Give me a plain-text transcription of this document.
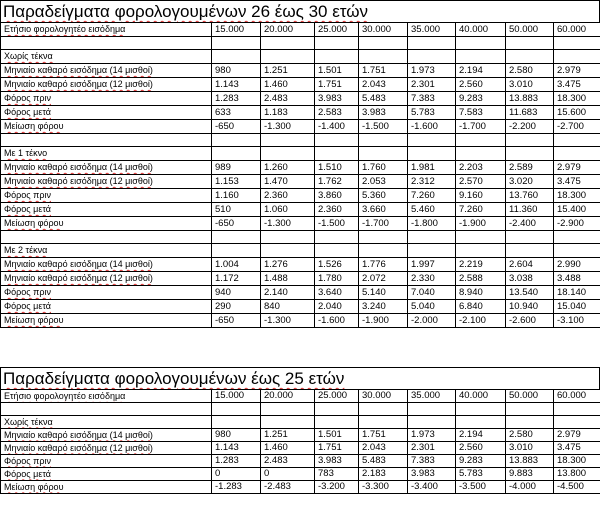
Παραδείγματα φορολογουμένων 26 έως 30 ετών
Ετήσιο φορολογητέο εισόδημα	15.000	20.000	25.000	30.000	35.000	40.000	50.000	60.000

Χωρίς τέκνα								
Μηνιαίο καθαρό εισόδημα (14 μισθοί)	980	1.251	1.501	1.751	1.973	2.194	2.580	2.979
Μηνιαίο καθαρό εισόδημα (12 μισθοί)	1.143	1.460	1.751	2.043	2.301	2.560	3.010	3.475
Φόρος πριν	1.283	2.483	3.983	5.483	7.383	9.283	13.883	18.300
Φόρος μετά	633	1.183	2.583	3.983	5.783	7.583	11.683	15.600
Μείωση φόρου	-650	-1.300	-1.400	-1.500	-1.600	-1.700	-2.200	-2.700

Με 1 τέκνο								
Μηνιαίο καθαρό εισόδημα (14 μισθοί)	989	1.260	1.510	1.760	1.981	2.203	2.589	2.979
Μηνιαίο καθαρό εισόδημα (12 μισθοί)	1.153	1.470	1.762	2.053	2.312	2.570	3.020	3.475
Φόρος πριν	1.160	2.360	3.860	5.360	7.260	9.160	13.760	18.300
Φόρος μετά	510	1.060	2.360	3.660	5.460	7.260	11.360	15.400
Μείωση φόρου	-650	-1.300	-1.500	-1.700	-1.800	-1.900	-2.400	-2.900

Με 2 τέκνα								
Μηνιαίο καθαρό εισόδημα (14 μισθοί)	1.004	1.276	1.526	1.776	1.997	2.219	2.604	2.990
Μηνιαίο καθαρό εισόδημα (12 μισθοί)	1.172	1.488	1.780	2.072	2.330	2.588	3.038	3.488
Φόρος πριν	940	2.140	3.640	5.140	7.040	8.940	13.540	18.140
Φόρος μετά	290	840	2.040	3.240	5.040	6.840	10.940	15.040
Μείωση φόρου	-650	-1.300	-1.600	-1.900	-2.000	-2.100	-2.600	-3.100
Παραδείγματα φορολογουμένων έως 25 ετών
Ετήσιο φορολογητέο εισόδημα	15.000	20.000	25.000	30.000	35.000	40.000	50.000	60.000

Χωρίς τέκνα								
Μηνιαίο καθαρό εισόδημα (14 μισθοί)	980	1.251	1.501	1.751	1.973	2.194	2.580	2.979
Μηνιαίο καθαρό εισόδημα (12 μισθοί)	1.143	1.460	1.751	2.043	2.301	2.560	3.010	3.475
Φόρος πριν	1.283	2.483	3.983	5.483	7.383	9.283	13.883	18.300
Φόρος μετά	0	0	783	2.183	3.983	5.783	9.883	13.800
Μείωση φόρου	-1.283	-2.483	-3.200	-3.300	-3.400	-3.500	-4.000	-4.500
